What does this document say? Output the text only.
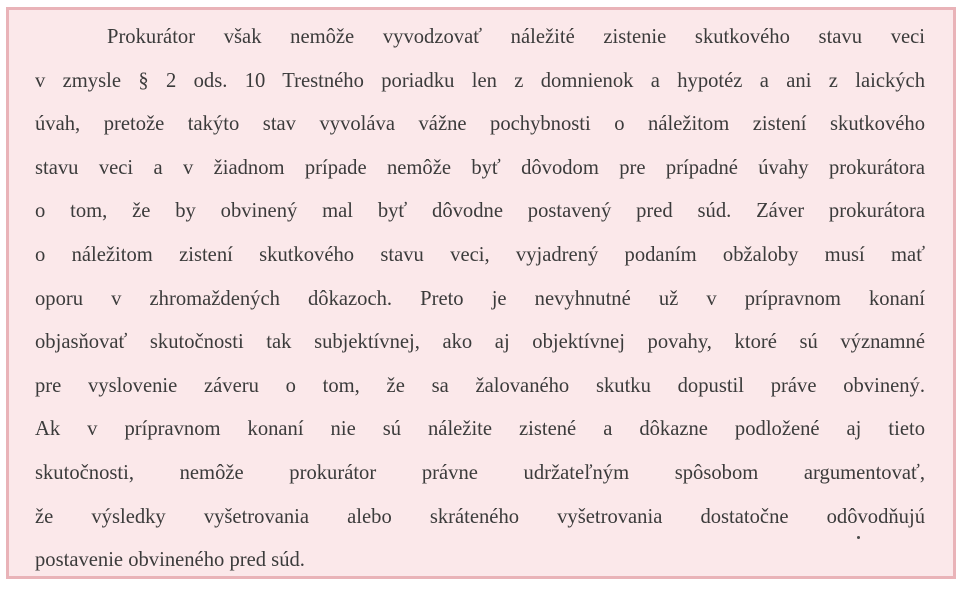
Prokurátor však nemôže vyvodzovať náležité zistenie skutkového stavu veci
v zmysle § 2 ods. 10 Trestného poriadku len z domnienok a hypotéz a ani z laických
úvah, pretože takýto stav vyvoláva vážne pochybnosti o náležitom zistení skutkového
stavu veci a v žiadnom prípade nemôže byť dôvodom pre prípadné úvahy prokurátora
o tom, že by obvinený mal byť dôvodne postavený pred súd. Záver prokurátora
o náležitom zistení skutkového stavu veci, vyjadrený podaním obžaloby musí mať
oporu v zhromaždených dôkazoch. Preto je nevyhnutné už v prípravnom konaní
objasňovať skutočnosti tak subjektívnej, ako aj objektívnej povahy, ktoré sú významné
pre vyslovenie záveru o tom, že sa žalovaného skutku dopustil práve obvinený.
Ak v prípravnom konaní nie sú náležite zistené a dôkazne podložené aj tieto
skutočnosti, nemôže prokurátor právne udržateľným spôsobom argumentovať,
že výsledky vyšetrovania alebo skráteného vyšetrovania dostatočne odôvodňujú
postavenie obvineného pred súd.
